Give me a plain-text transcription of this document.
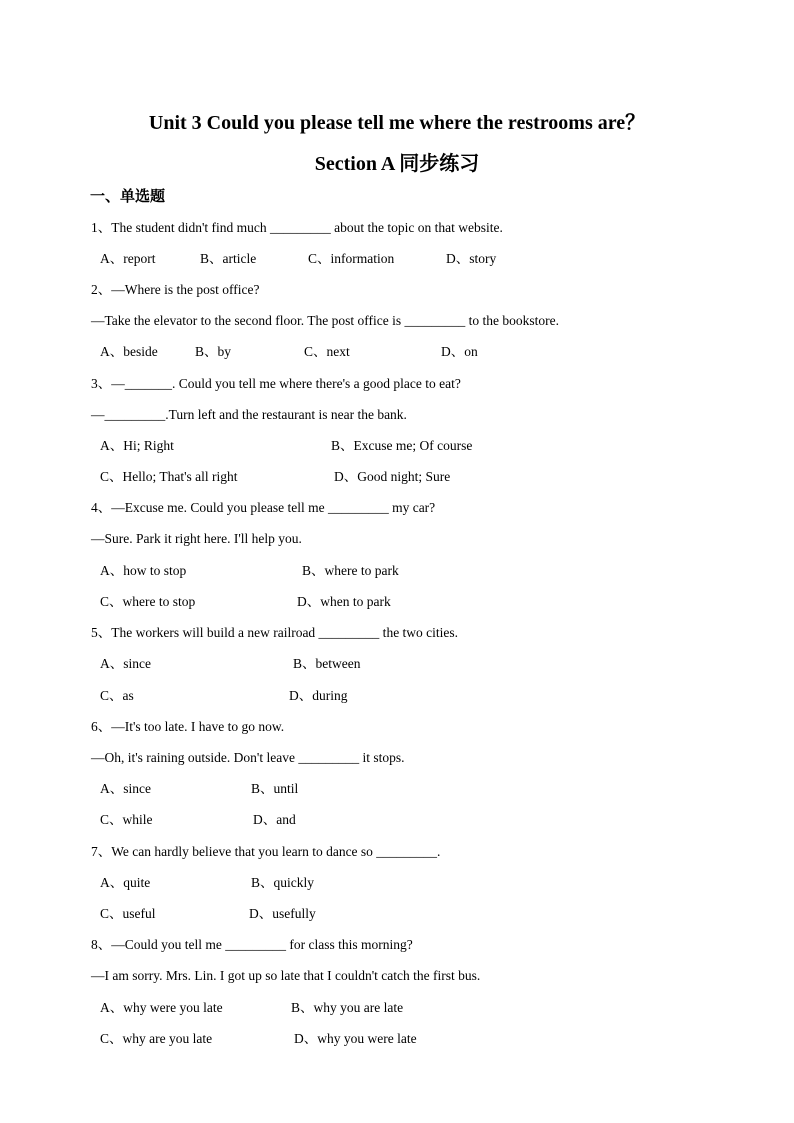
Unit 3 Could you please tell me where the restrooms are？
Section A 同步练习
一、单选题
1、The student didn't find much _________ about the topic on that website.
A、report	B、article	C、information	D、story
2、—Where is the post office?
—Take the elevator to the second floor. The post office is _________ to the bookstore.
A、beside	B、by	C、next	D、on
3、—_______. Could you tell me where there's a good place to eat?
—_________.Turn left and the restaurant is near the bank.
A、Hi; Right	B、Excuse me; Of course
C、Hello; That's all right	D、Good night; Sure
4、—Excuse me. Could you please tell me _________ my car?
—Sure. Park it right here. I'll help you.
A、how to stop	B、where to park
C、where to stop	D、when to park
5、The workers will build a new railroad _________ the two cities.
A、since	B、between
C、as	D、during
6、—It's too late. I have to go now.
—Oh, it's raining outside. Don't leave _________ it stops.
A、since	B、until
C、while	D、and
7、We can hardly believe that you learn to dance so _________.
A、quite	B、quickly
C、useful	D、usefully
8、—Could you tell me _________ for class this morning?
—I am sorry. Mrs. Lin. I got up so late that I couldn't catch the first bus.
A、why were you late	B、why you are late
C、why are you late	D、why you were late
